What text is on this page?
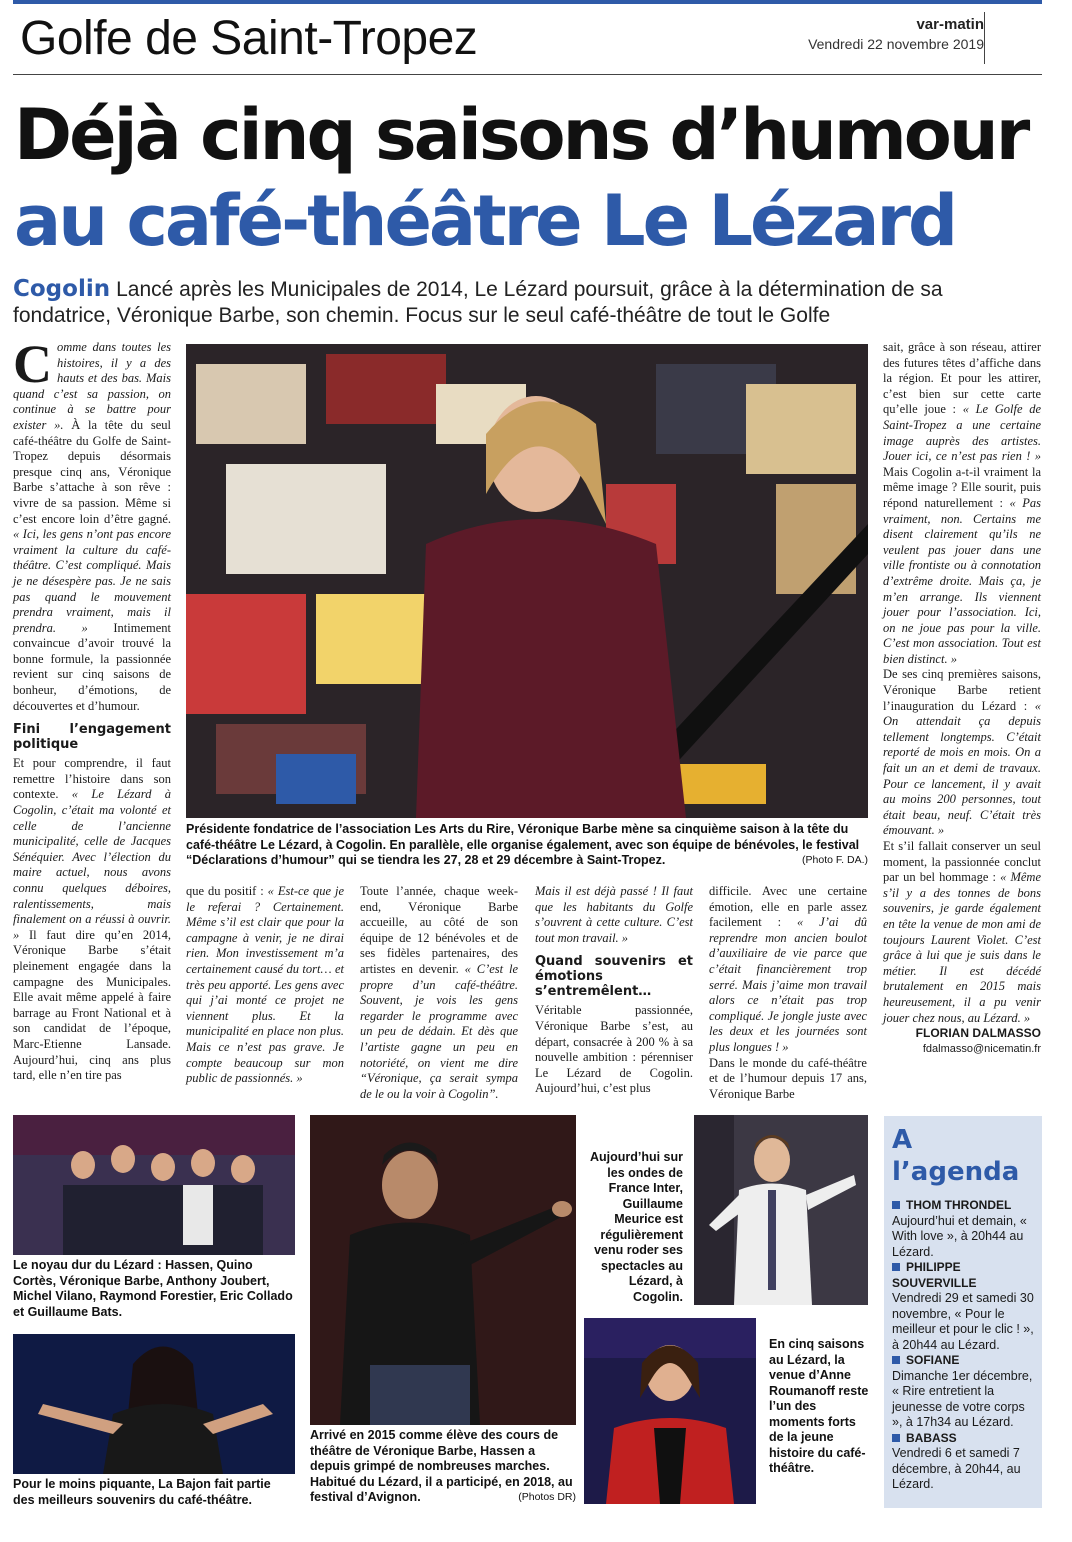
Golfe de Saint-Tropez	var-matin
Vendredi 22 novembre 2019
Déjà cinq saisons d’humour
au café-théâtre Le Lézard
Cogolin Lancé après les Municipales de 2014, Le Lézard poursuit, grâce à la détermination de sa fondatrice, Véronique Barbe, son chemin. Focus sur le seul café-théâtre de tout le Golfe

Comme dans toutes les histoires, il y a des hauts et des bas. Mais quand c’est sa passion, on continue à se battre pour exister ». À la tête du seul café-théâtre du Golfe de Saint-Tropez depuis désormais presque cinq ans, Véronique Barbe s’attache à son rêve : vivre de sa passion. Même si c’est encore loin d’être gagné. « Ici, les gens n’ont pas encore vraiment la culture du café-théâtre. C’est compliqué. Mais je ne désespère pas. Je ne sais pas quand le mouvement prendra vraiment, mais il prendra. » Intimement convaincue d’avoir trouvé la bonne formule, la passionnée revient sur cinq saisons de bonheur, d’émotions, de découvertes et d’humour.

Fini l’engagement politique

Et pour comprendre, il faut remettre l’histoire dans son contexte. « Le Lézard à Cogolin, c’était ma volonté et celle de l’ancienne municipalité, celle de Jacques Sénéquier. Avec l’élection du maire actuel, nous avons connu quelques déboires, ralentissements, mais finalement on a réussi à ouvrir. » Il faut dire qu’en 2014, Véronique Barbe s’était pleinement engagée dans la campagne des Municipales. Elle avait même appelé à faire barrage au Front National et à son candidat de l’époque, Marc-Etienne Lansade. Aujourd’hui, cinq ans plus tard, elle n’en tire pas

Présidente fondatrice de l’association Les Arts du Rire, Véronique Barbe mène sa cinquième saison à la tête du café-théâtre Le Lézard, à Cogolin. En parallèle, elle organise également, avec son équipe de bénévoles, le festival “Déclarations d’humour” qui se tiendra les 27, 28 et 29 décembre à Saint-Tropez.	(Photo F. DA.)

que du positif : « Est-ce que je le referai ? Certainement. Même s’il est clair que pour la campagne à venir, je ne dirai rien. Mon investissement m’a certainement causé du tort… et très peu apporté. Les gens avec qui j’ai monté ce projet ne viennent plus. Et la municipalité en place non plus. Mais ce n’est pas grave. Je compte beaucoup sur mon public de passionnés. »

Toute l’année, chaque week-end, Véronique Barbe accueille, au côté de son équipe de 12 bénévoles et de ses fidèles partenaires, des artistes en devenir. « C’est le propre d’un café-théâtre. Souvent, je vois les gens regarder le programme avec un peu de dédain. Et dès que l’artiste gagne un peu en notoriété, on vient me dire “Véronique, ça serait sympa de le ou la voir à Cogolin”.

Mais il est déjà passé ! Il faut que les habitants du Golfe s’ouvrent à cette culture. C’est tout mon travail. »

Quand souvenirs et émotions s’entremêlent…

Véritable passionnée, Véronique Barbe s’est, au départ, consacrée à 200 % à sa nouvelle ambition : pérenniser Le Lézard de Cogolin. Aujourd’hui, c’est plus

difficile. Avec une certaine émotion, elle en parle assez facilement : « J’ai dû reprendre mon ancien boulot d’auxiliaire de vie parce que c’était financièrement trop serré. Mais j’aime mon travail alors ce n’était pas trop compliqué. Je jongle juste avec les deux et les journées sont plus longues ! »

Dans le monde du café-théâtre et de l’humour depuis 17 ans, Véronique Barbe

sait, grâce à son réseau, attirer des futures têtes d’affiche dans la région. Et pour les attirer, c’est bien sur cette carte qu’elle joue : « Le Golfe de Saint-Tropez a une certaine image auprès des artistes. Jouer ici, ce n’est pas rien ! » Mais Cogolin a-t-il vraiment la même image ? Elle sourit, puis répond naturellement : « Pas vraiment, non. Certains me disent clairement qu’ils ne veulent pas jouer dans une ville frontiste ou à connotation d’extrême droite. Mais ça, je m’en arrange. Ils viennent jouer pour l’association. Ici, on ne joue pas pour la ville. C’est mon association. Tout est bien distinct. »

De ses cinq premières saisons, Véronique Barbe retient l’inauguration du Lézard : « On attendait ça depuis tellement longtemps. C’était reporté de mois en mois. On a fait un an et demi de travaux. Pour ce lancement, il y avait au moins 200 personnes, tout était beau, neuf. C’était très émouvant. »

Et s’il fallait conserver un seul moment, la passionnée conclut par un bel hommage : « Même s’il y a des tonnes de bons souvenirs, je garde également en tête la venue de mon ami de toujours Laurent Violet. C’est grâce à lui que je suis dans le métier. Il est décédé brutalement en 2015 mais heureusement, il a pu venir jouer chez nous, au Lézard. »

FLORIAN DALMASSO
fdalmasso@nicematin.fr
Le noyau dur du Lézard : Hassen, Quino Cortès, Véronique Barbe, Anthony Joubert, Michel Vilano, Raymond Forestier, Eric Collado et Guillaume Bats.
Pour le moins piquante, La Bajon fait partie des meilleurs souvenirs du café-théâtre.
Arrivé en 2015 comme élève des cours de théâtre de Véronique Barbe, Hassen a depuis grimpé de nombreuses marches. Habitué du Lézard, il a participé, en 2018, au festival d’Avignon.	(Photos DR)
Aujourd’hui sur les ondes de France Inter, Guillaume Meurice est régulièrement venu roder ses spectacles au Lézard, à Cogolin.
En cinq saisons au Lézard, la venue d’Anne Roumanoff reste l’un des moments forts de la jeune histoire du café-théâtre.
A l’agenda
THOM THRONDEL
Aujourd’hui et demain, « With love », à 20h44 au Lézard.
PHILIPPE SOUVERVILLE
Vendredi 29 et samedi 30 novembre, « Pour le meilleur et pour le clic ! », à 20h44 au Lézard.
SOFIANE
Dimanche 1er décembre, « Rire entretient la jeunesse de votre corps », à 17h34 au Lézard.
BABASS
Vendredi 6 et samedi 7 décembre, à 20h44, au Lézard.
